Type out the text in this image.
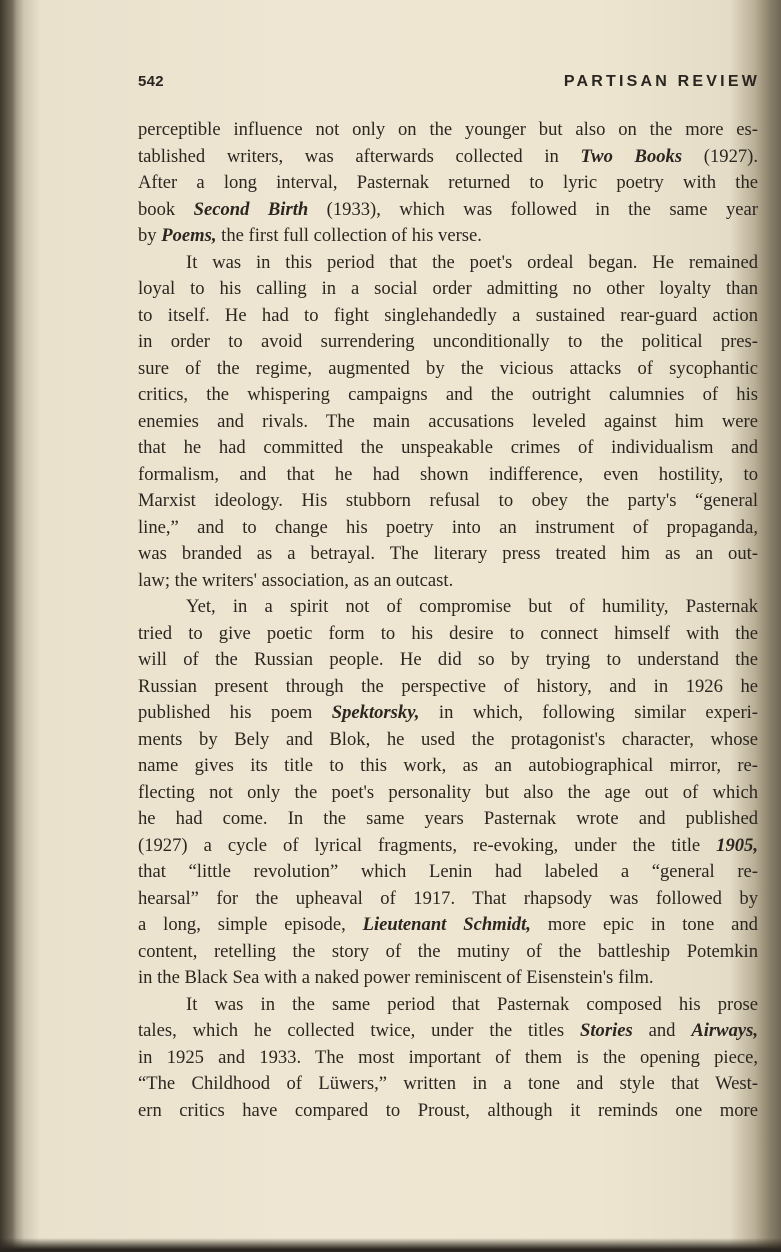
542	PARTISAN REVIEW
perceptible influence not only on the younger but also on the more es-
tablished writers, was afterwards collected in Two Books (1927).
After a long interval, Pasternak returned to lyric poetry with the
book Second Birth (1933), which was followed in the same year
by Poems, the first full collection of his verse.
It was in this period that the poet's ordeal began. He remained
loyal to his calling in a social order admitting no other loyalty than
to itself. He had to fight singlehandedly a sustained rear-guard action
in order to avoid surrendering unconditionally to the political pres-
sure of the regime, augmented by the vicious attacks of sycophantic
critics, the whispering campaigns and the outright calumnies of his
enemies and rivals. The main accusations leveled against him were
that he had committed the unspeakable crimes of individualism and
formalism, and that he had shown indifference, even hostility, to
Marxist ideology. His stubborn refusal to obey the party's “general
line,” and to change his poetry into an instrument of propaganda,
was branded as a betrayal. The literary press treated him as an out-
law; the writers' association, as an outcast.
Yet, in a spirit not of compromise but of humility, Pasternak
tried to give poetic form to his desire to connect himself with the
will of the Russian people. He did so by trying to understand the
Russian present through the perspective of history, and in 1926 he
published his poem Spektorsky, in which, following similar experi-
ments by Bely and Blok, he used the protagonist's character, whose
name gives its title to this work, as an autobiographical mirror, re-
flecting not only the poet's personality but also the age out of which
he had come. In the same years Pasternak wrote and published
(1927) a cycle of lyrical fragments, re-evoking, under the title 1905,
that “little revolution” which Lenin had labeled a “general re-
hearsal” for the upheaval of 1917. That rhapsody was followed by
a long, simple episode, Lieutenant Schmidt, more epic in tone and
content, retelling the story of the mutiny of the battleship Potemkin
in the Black Sea with a naked power reminiscent of Eisenstein's film.
It was in the same period that Pasternak composed his prose
tales, which he collected twice, under the titles Stories and Airways,
in 1925 and 1933. The most important of them is the opening piece,
“The Childhood of Lüwers,” written in a tone and style that West-
ern critics have compared to Proust, although it reminds one more
